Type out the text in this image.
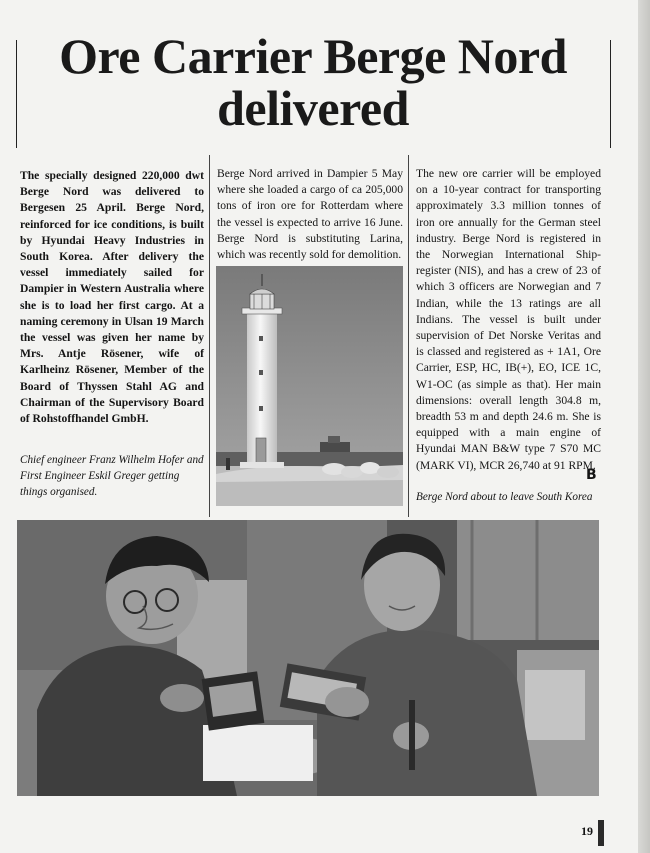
Ore Carrier Berge Nord delivered
The specially designed 220,000 dwt Berge Nord was delivered to Bergesen 25 April. Berge Nord, reinforced for ice conditions, is built by Hyundai Heavy Industries in South Korea. After delivery the vessel immediately sailed for Dampier in Western Australia where she is to load her first cargo. At a naming ceremony in Ulsan 19 March the vessel was given her name by Mrs. Antje Rösener, wife of Karlheinz Rösener, Member of the Board of Thyssen Stahl AG and Chairman of the Supervisory Board of Rohstoffhandel GmbH.
Chief engineer Franz Wilhelm Hofer and First Engineer Eskil Greger getting things organised.
Berge Nord arrived in Dampier 5 May where she loaded a cargo of ca 205,000 tons of iron ore for Rotterdam where the vessel is expected to arrive 16 June. Berge Nord is substituting Larina, which was recently sold for demolition.
The new ore carrier will be employed on a 10-year contract for transporting approximately 3.3 million tonnes of iron ore annually for the German steel industry. Berge Nord is registered in the Norwegian International Ship-register (NIS), and has a crew of 23 of which 3 officers are Norwegian and 7 Indian, while the 13 ratings are all Indians. The vessel is built under supervision of Det Norske Veritas and is classed and registered as + 1A1, Ore Carrier, ESP, HC, IB(+), EO, ICE 1C, W1-OC (as simple as that). Her main dimensions: overall length 304.8 m, breadth 53 m and depth 24.6 m. She is equipped with a main engine of Hyundai MAN B&W type 7 S70 MC (MARK VI), MCR 26,740 at 91 RPM.
B
Berge Nord about to leave South Korea
19
